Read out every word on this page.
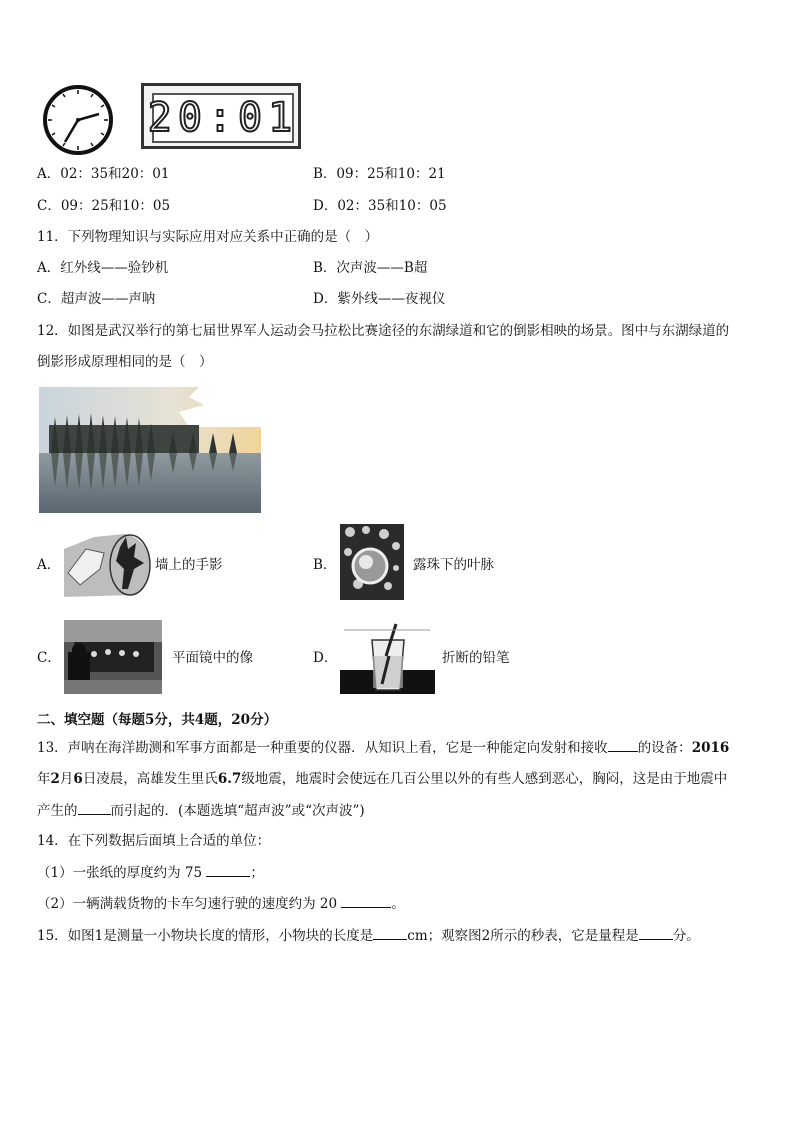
20:01
A．02：35和20：01	B．09：25和10：21
C．09：25和10：05	D．02：35和10：05
11．下列物理知识与实际应用对应关系中正确的是（　）
A．红外线——验钞机	B．次声波——B超
C．超声波——声呐	D．紫外线——夜视仪
12．如图是武汉举行的第七届世界军人运动会马拉松比赛途径的东湖绿道和它的倒影相映的场景。图中与东湖绿道的
倒影形成原理相同的是（　）
A．	墙上的手影	B．	露珠下的叶脉
C．	平面镜中的像	D．	折断的铅笔
二、填空题（每题5分，共4题，20分）
13．声呐在海洋勘测和军事方面都是一种重要的仪器．从知识上看，它是一种能定向发射和接收 的设备：2016
年2月6日凌晨，高雄发生里氏6.7级地震，地震时会使远在几百公里以外的有些人感到恶心，胸闷，这是由于地震中
产生的 而引起的．(本题选填“超声波”或“次声波”)
14．在下列数据后面填上合适的单位：
（1）一张纸的厚度约为 75	；
（2）一辆满载货物的卡车匀速行驶的速度约为 20	。
15．如图1是测量一小物块长度的情形，小物块的长度是	cm；观察图2所示的秒表，它是量程是	分。
